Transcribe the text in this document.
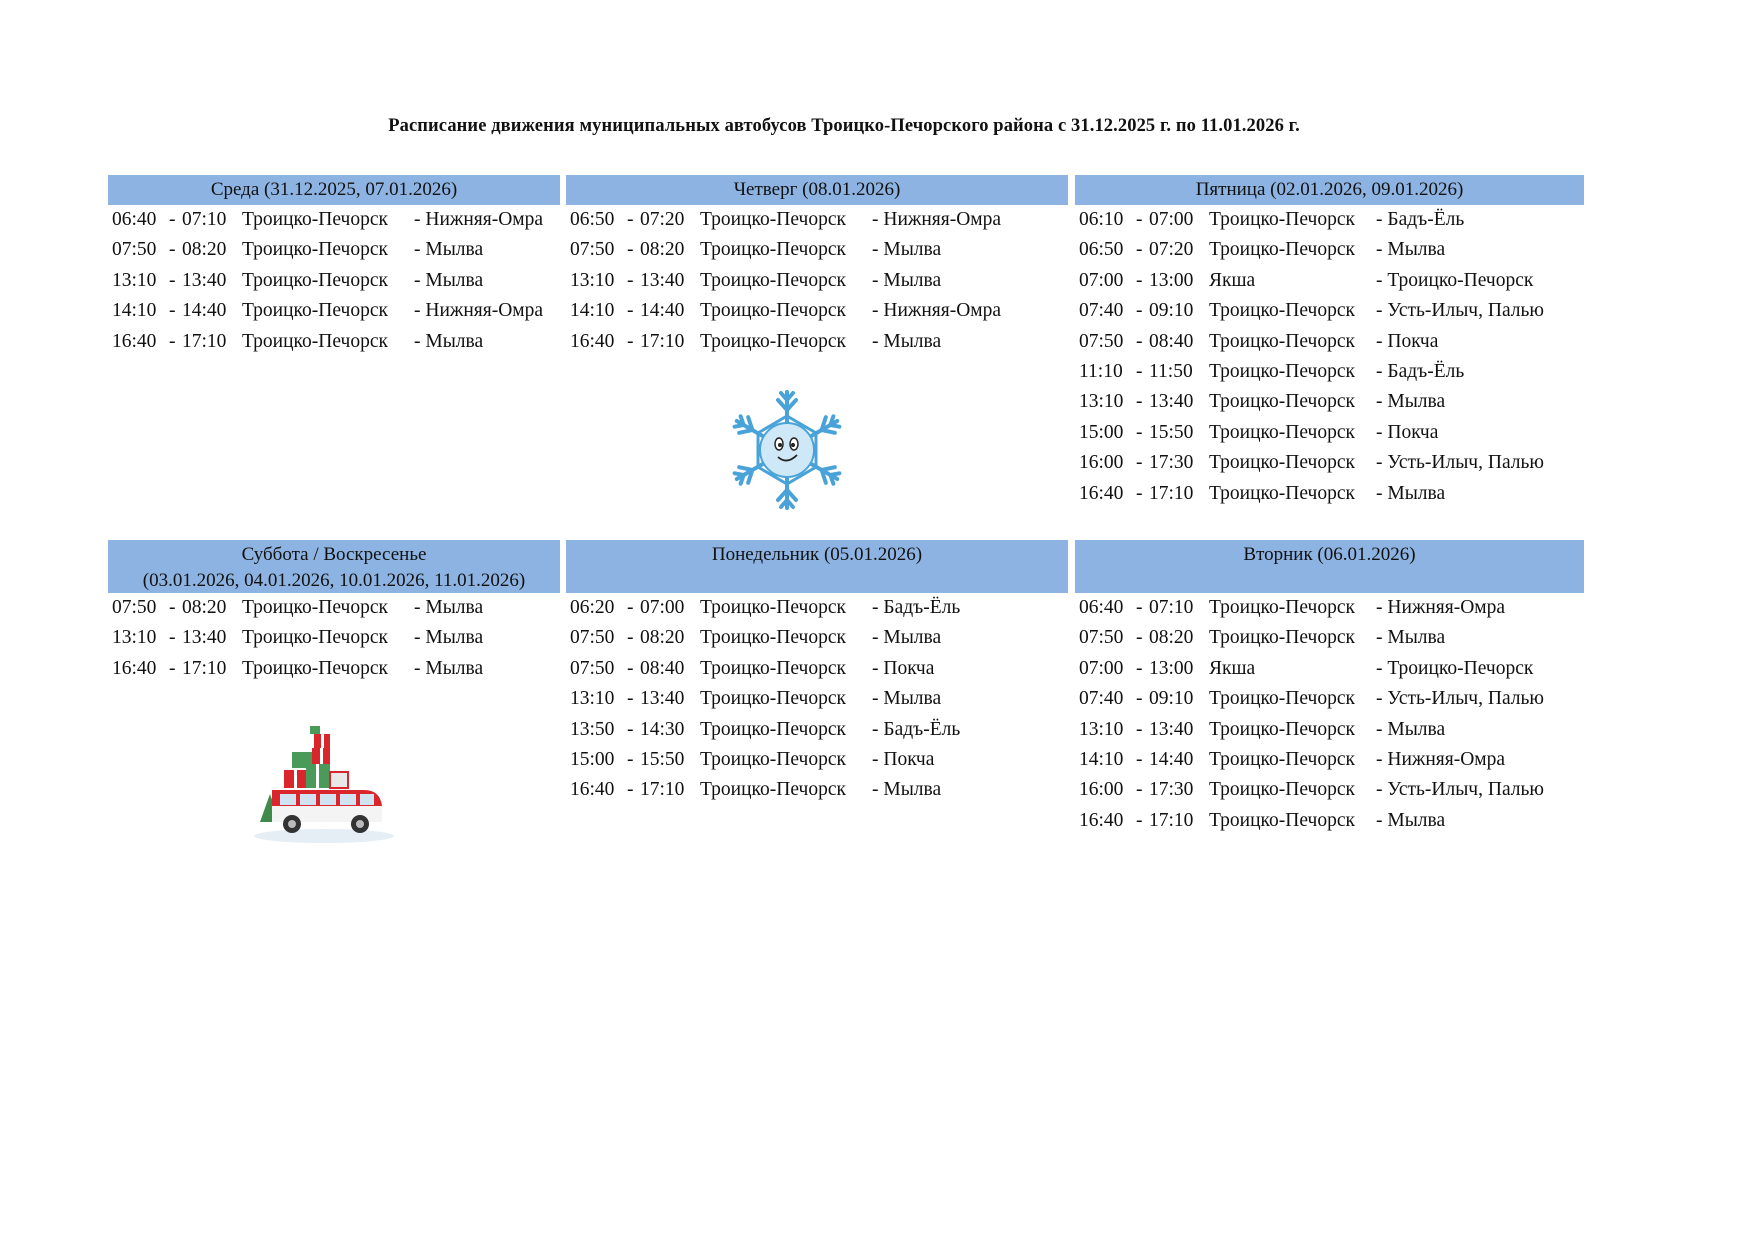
Расписание движения муниципальных автобусов Троицко-Печорского района с 31.12.2025 г. по 11.01.2026 г.
Среда (31.12.2025, 07.01.2026)
06:40 - 07:10 Троицко-Печорск - Нижняя-Омра
07:50 - 08:20 Троицко-Печорск - Мылва
13:10 - 13:40 Троицко-Печорск - Мылва
14:10 - 14:40 Троицко-Печорск - Нижняя-Омра
16:40 - 17:10 Троицко-Печорск - Мылва
Четверг (08.01.2026)
06:50 - 07:20 Троицко-Печорск - Нижняя-Омра
07:50 - 08:20 Троицко-Печорск - Мылва
13:10 - 13:40 Троицко-Печорск - Мылва
14:10 - 14:40 Троицко-Печорск - Нижняя-Омра
16:40 - 17:10 Троицко-Печорск - Мылва
Пятница (02.01.2026, 09.01.2026)
06:10 - 07:00 Троицко-Печорск - Бадъ-Ёль
06:50 - 07:20 Троицко-Печорск - Мылва
07:00 - 13:00 Якша	- Троицко-Печорск
07:40 - 09:10 Троицко-Печорск - Усть-Илыч, Палью
07:50 - 08:40 Троицко-Печорск - Покча
11:10 - 11:50 Троицко-Печорск - Бадъ-Ёль
13:10 - 13:40 Троицко-Печорск - Мылва
15:00 - 15:50 Троицко-Печорск - Покча
16:00 - 17:30 Троицко-Печорск - Усть-Илыч, Палью
16:40 - 17:10 Троицко-Печорск - Мылва
Суббота / Воскресенье
(03.01.2026, 04.01.2026, 10.01.2026, 11.01.2026)
07:50 - 08:20 Троицко-Печорск - Мылва
13:10 - 13:40 Троицко-Печорск - Мылва
16:40 - 17:10 Троицко-Печорск - Мылва
Понедельник (05.01.2026)
06:20 - 07:00 Троицко-Печорск - Бадъ-Ёль
07:50 - 08:20 Троицко-Печорск - Мылва
07:50 - 08:40 Троицко-Печорск - Покча
13:10 - 13:40 Троицко-Печорск - Мылва
13:50 - 14:30 Троицко-Печорск - Бадъ-Ёль
15:00 - 15:50 Троицко-Печорск - Покча
16:40 - 17:10 Троицко-Печорск - Мылва
Вторник (06.01.2026)
06:40 - 07:10 Троицко-Печорск - Нижняя-Омра
07:50 - 08:20 Троицко-Печорск - Мылва
07:00 - 13:00 Якша	- Троицко-Печорск
07:40 - 09:10 Троицко-Печорск - Усть-Илыч, Палью
13:10 - 13:40 Троицко-Печорск - Мылва
14:10 - 14:40 Троицко-Печорск - Нижняя-Омра
16:00 - 17:30 Троицко-Печорск - Усть-Илыч, Палью
16:40 - 17:10 Троицко-Печорск - Мылва
